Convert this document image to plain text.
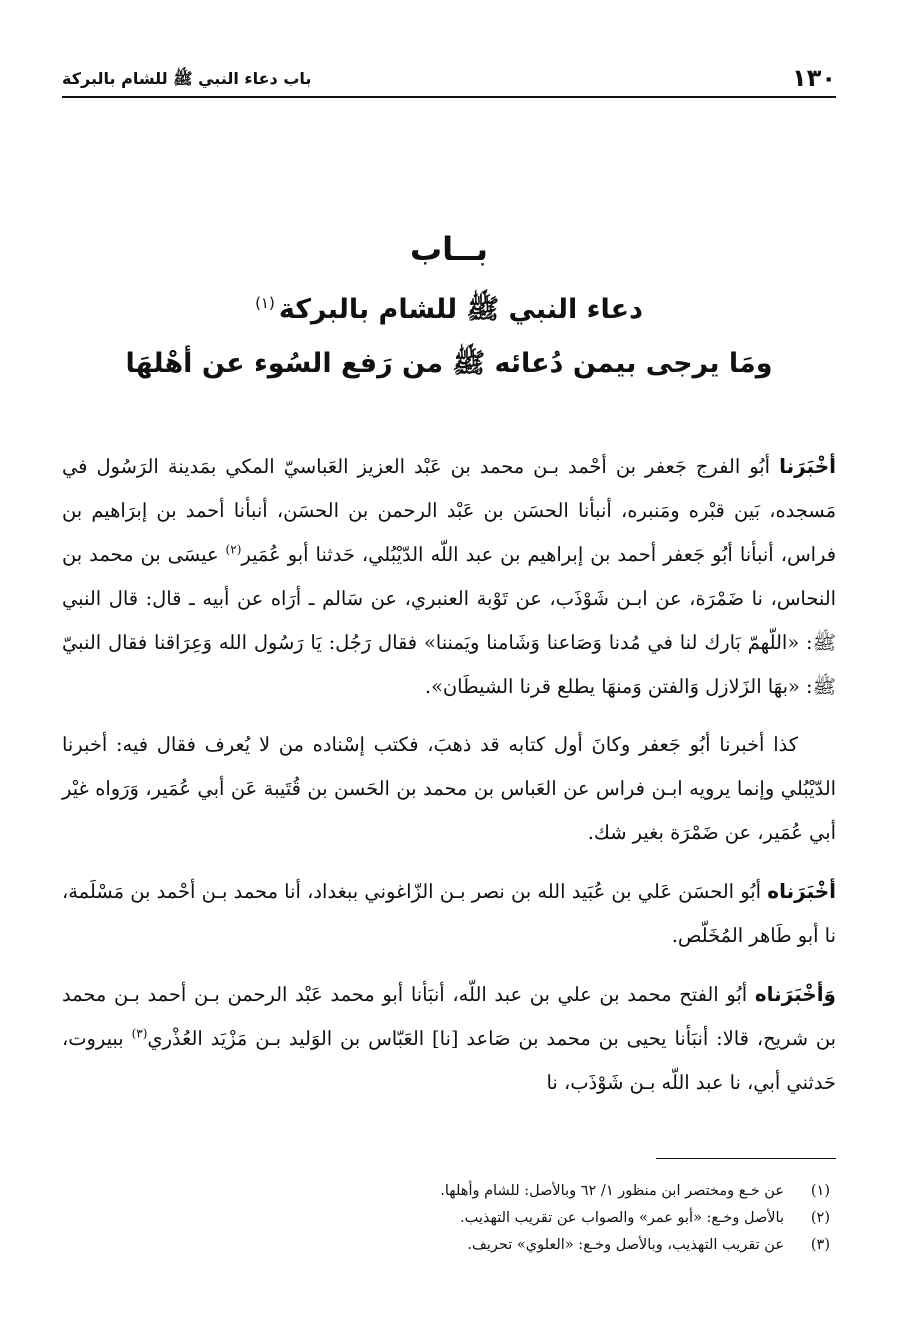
١٣٠
باب دعاء النبي ﷺ للشام بالبركة
بــاب
دعاء النبي ﷺ للشام بالبركة$^{(١)}$
ومَا يرجى بيمن دُعائه ﷺ من رَفع السُوء عن أهْلهَا

أخْبَرَنا أبُو الفرج جَعفر بن أحْمد بـن محمد بن عَبْد العزيز العَباسيّ المكي بمَدينة الرَسُول في مَسجده، بَين قبْره ومَنبره، أنبأنا الحسَن بن عَبْد الرحمن بن الحسَن، أنبأنا أحمد بن إبرَاهيم بن فراس، أنبأنا أبُو جَعفر أحمد بن إبراهيم بن عبد اللّه الدّيْبُلي، حَدثنا أبو عُمَير$^{(٢)}$ عيسَى بن محمد بن النحاس، نا ضَمْرَة، عن ابـن شَوْذَب، عن تَوْبة العنبري، عن سَالم ـ أرَاه عن أبيه ـ قال: قال النبي ﷺ: «اللّهمّ بَارك لنا في مُدنا وَصَاعنا وَشَامنا ويَمننا» فقال رَجُل: يَا رَسُول الله وَعِرَاقنا فقال النبيّ ﷺ: «بهَا الزَلازل وَالفتن وَمنهَا يطلع قرنا الشيطَان».

كذا أخبرنا أبُو جَعفر وكانَ أول كتابه قد ذهبَ، فكتب إسْناده من لا يُعرف فقال فيه: أخبرنا الدّيْبُلي وإنما يرويه ابـن فراس عن العَباس بن محمد بن الحَسن بن قُتَيبة عَن أبي عُمَير، وَرَواه غيْر أبي عُمَير، عن ضَمْرَة بغير شك.

أخْبَرَناه أبُو الحسَن عَلي بن عُبَيد الله بن نصر بـن الزّاغوني ببغداد، أنا محمد بـن أحْمد بن مَسْلَمة، نا أبو طَاهر المُخَلّص.

وَأخْبَرَناه أبُو الفتح محمد بن علي بن عبد اللّه، أنبَأنا أبو محمد عَبْد الرحمن بـن أحمد بـن محمد بن شريح، قالا: أنبَأنا يحيى بن محمد بن صَاعد [نا] العَبّاس بن الوَليد بـن مَزْيَد العُذْري$^{(٣)}$ ببيروت، حَدثني أبي، نا عبد اللّه بـن شَوْذَب، نا

(١)
عن خـع ومختصر ابن منظور ١/ ٦٢ وبالأصل: للشام وأهلها.
(٢)
بالأصل وخـع: «أبو عمر» والصواب عن تقريب التهذيب.
(٣)
عن تقريب التهذيب، وبالأصل وخـع: «العلوي» تحريف.
